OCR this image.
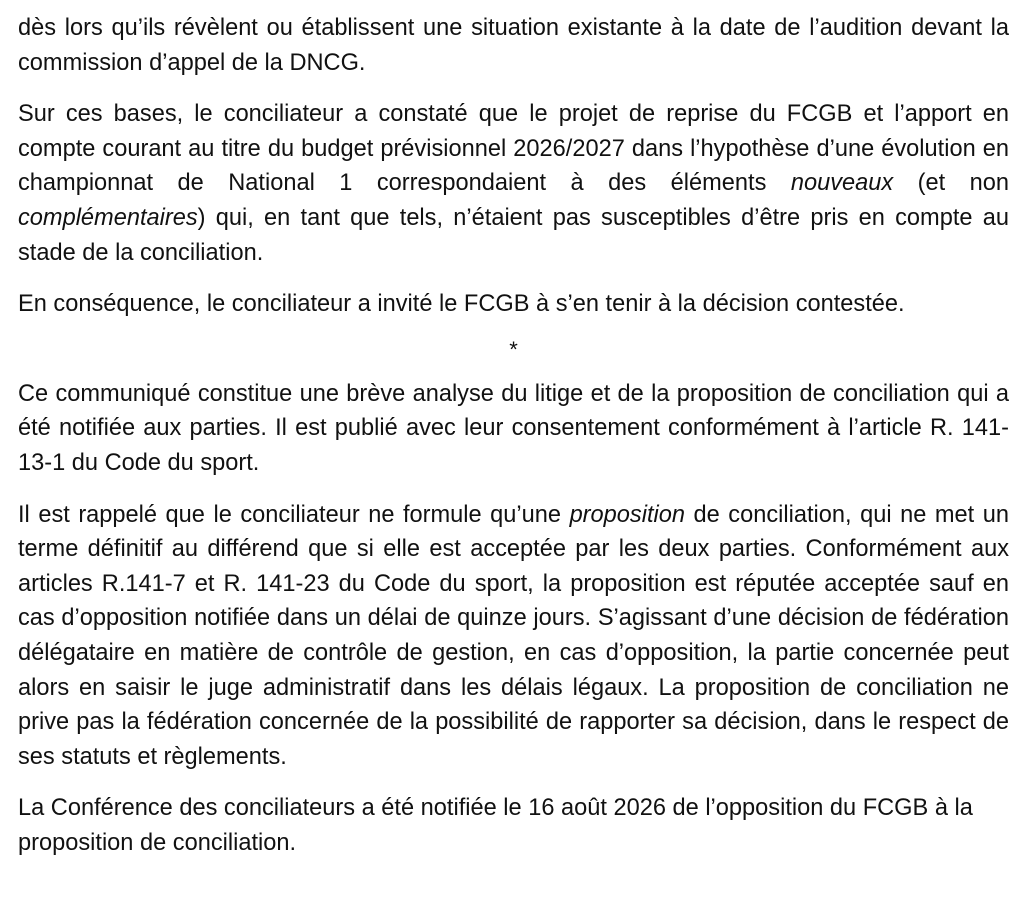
dès lors qu’ils révèlent ou établissent une situation existante à la date de l’audition devant la commission d’appel de la DNCG.

Sur ces bases, le conciliateur a constaté que le projet de reprise du FCGB et l’apport en compte courant au titre du budget prévisionnel 2026/2027 dans l’hypothèse d’une évolution en championnat de National 1 correspondaient à des éléments nouveaux (et non complémentaires) qui, en tant que tels, n’étaient pas susceptibles d’être pris en compte au stade de la conciliation.

En conséquence, le conciliateur a invité le FCGB à s’en tenir à la décision contestée.

*

Ce communiqué constitue une brève analyse du litige et de la proposition de conciliation qui a été notifiée aux parties. Il est publié avec leur consentement conformément à l’article R. 141-13-1 du Code du sport.

Il est rappelé que le conciliateur ne formule qu’une proposition de conciliation, qui ne met un terme définitif au différend que si elle est acceptée par les deux parties. Conformément aux articles R.141-7 et R. 141-23 du Code du sport, la proposition est réputée acceptée sauf en cas d’opposition notifiée dans un délai de quinze jours. S’agissant d’une décision de fédération délégataire en matière de contrôle de gestion, en cas d’opposition, la partie concernée peut alors en saisir le juge administratif dans les délais légaux. La proposition de conciliation ne prive pas la fédération concernée de la possibilité de rapporter sa décision, dans le respect de ses statuts et règlements.

La Conférence des conciliateurs a été notifiée le 16 août 2026 de l’opposition du FCGB à la proposition de conciliation.
